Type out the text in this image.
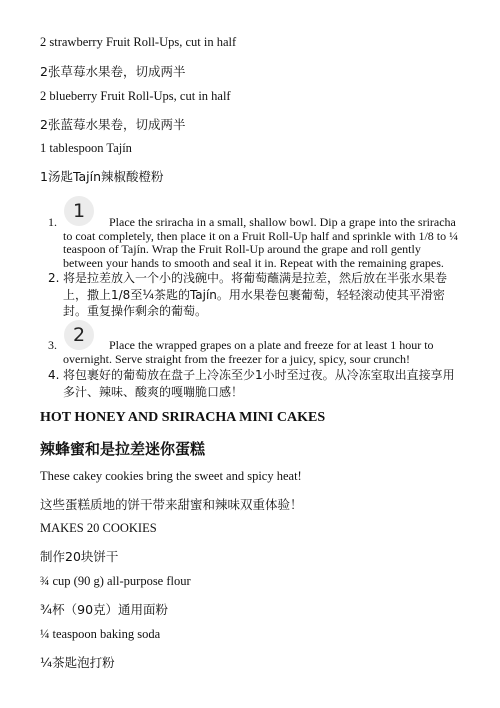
2 strawberry Fruit Roll-Ups, cut in half
2张草莓水果卷，切成两半
2 blueberry Fruit Roll-Ups, cut in half
2张蓝莓水果卷，切成两半
1 tablespoon Tajín
1汤匙Tajín辣椒酸橙粉
1
1.	Place the sriracha in a small, shallow bowl. Dip a grape into the sriracha to coat completely, then place it on a Fruit Roll-Up half and sprinkle with 1/8 to ¼ teaspoon of Tajín. Wrap the Fruit Roll-Up around the grape and roll gently between your hands to smooth and seal it in. Repeat with the remaining grapes.
2. 将是拉差放入一个小的浅碗中。将葡萄蘸满是拉差，然后放在半张水果卷上，撒上1/8至¼茶匙的Tajín。用水果卷包裹葡萄，轻轻滚动使其平滑密封。重复操作剩余的葡萄。
2
3.	Place the wrapped grapes on a plate and freeze for at least 1 hour to overnight. Serve straight from the freezer for a juicy, spicy, sour crunch!
4. 将包裹好的葡萄放在盘子上冷冻至少1小时至过夜。从冷冻室取出直接享用多汁、辣味、酸爽的嘎嘣脆口感！
HOT HONEY AND SRIRACHA MINI CAKES
辣蜂蜜和是拉差迷你蛋糕
These cakey cookies bring the sweet and spicy heat!
这些蛋糕质地的饼干带来甜蜜和辣味双重体验！
MAKES 20 COOKIES
制作20块饼干
¾ cup (90 g) all-purpose flour
¾杯（90克）通用面粉
¼ teaspoon baking soda
¼茶匙泡打粉
